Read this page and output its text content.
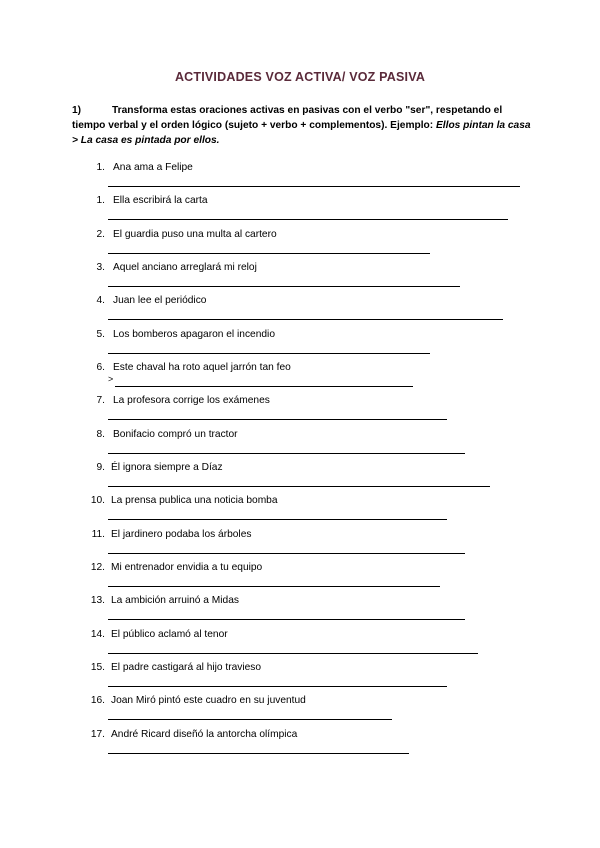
ACTIVIDADES VOZ ACTIVA/ VOZ PASIVA
1)	Transforma estas oraciones activas en pasivas con el verbo "ser", respetando el tiempo verbal y el orden lógico (sujeto + verbo + complementos). Ejemplo: Ellos pintan la casa > La casa es pintada por ellos.
1. Ana ama a Felipe
1. Ella escribirá la carta
2. El guardia puso una multa al cartero
3. Aquel anciano arreglará mi reloj
4. Juan lee el periódico
5. Los bomberos apagaron el incendio
6. Este chaval ha roto aquel jarrón tan feo
>
7. La profesora corrige los exámenes
8. Bonifacio compró un tractor
9. Él ignora siempre a Díaz
10. La prensa publica una noticia bomba
11. El jardinero podaba los árboles
12. Mi entrenador envidia a tu equipo
13. La ambición arruinó a Midas
14. El público aclamó al tenor
15. El padre castigará al hijo travieso
16. Joan Miró pintó este cuadro en su juventud
17. André Ricard diseñó la antorcha olímpica
